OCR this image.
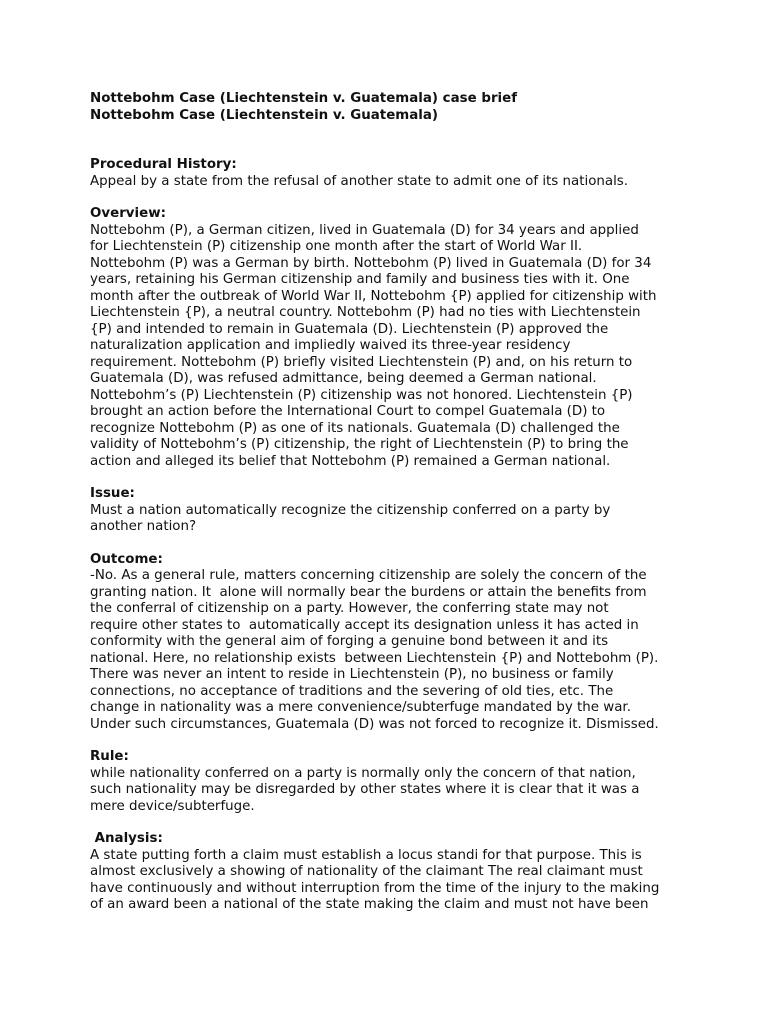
Nottebohm Case (Liechtenstein v. Guatemala) case brief
Nottebohm Case (Liechtenstein v. Guatemala)
Procedural History:
Appeal by a state from the refusal of another state to admit one of its nationals.
Overview:
Nottebohm (P), a German citizen, lived in Guatemala (D) for 34 years and applied
for Liechtenstein (P) citizenship one month after the start of World War II.
Nottebohm (P) was a German by birth. Nottebohm (P) lived in Guatemala (D) for 34
years, retaining his German citizenship and family and business ties with it. One
month after the outbreak of World War II, Nottebohm {P) applied for citizenship with
Liechtenstein {P), a neutral country. Nottebohm (P) had no ties with Liechtenstein
{P) and intended to remain in Guatemala (D). Liechtenstein (P) approved the
naturalization application and impliedly waived its three-year residency
requirement. Nottebohm (P) briefly visited Liechtenstein (P) and, on his return to
Guatemala (D), was refused admittance, being deemed a German national.
Nottebohm’s (P) Liechtenstein (P) citizenship was not honored. Liechtenstein {P)
brought an action before the International Court to compel Guatemala (D) to
recognize Nottebohm (P) as one of its nationals. Guatemala (D) challenged the
validity of Nottebohm’s (P) citizenship, the right of Liechtenstein (P) to bring the
action and alleged its belief that Nottebohm (P) remained a German national.
Issue:
Must a nation automatically recognize the citizenship conferred on a party by
another nation?
Outcome:
-No. As a general rule, matters concerning citizenship are solely the concern of the
granting nation. It  alone will normally bear the burdens or attain the benefits from
the conferral of citizenship on a party. However, the conferring state may not
require other states to  automatically accept its designation unless it has acted in
conformity with the general aim of forging a genuine bond between it and its
national. Here, no relationship exists  between Liechtenstein {P) and Nottebohm (P).
There was never an intent to reside in Liechtenstein (P), no business or family
connections, no acceptance of traditions and the severing of old ties, etc. The
change in nationality was a mere convenience/subterfuge mandated by the war.
Under such circumstances, Guatemala (D) was not forced to recognize it. Dismissed.
Rule:
while nationality conferred on a party is normally only the concern of that nation,
such nationality may be disregarded by other states where it is clear that it was a
mere device/subterfuge.
Analysis:
A state putting forth a claim must establish a locus standi for that purpose. This is
almost exclusively a showing of nationality of the claimant The real claimant must
have continuously and without interruption from the time of the injury to the making
of an award been a national of the state making the claim and must not have been
